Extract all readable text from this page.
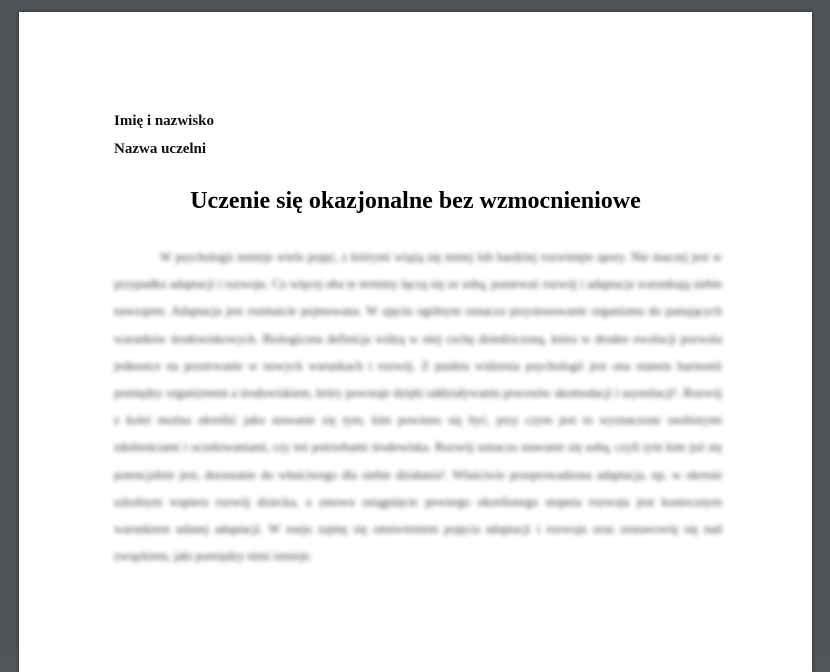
Imię i nazwisko
Nazwa uczelni
Uczenie się okazjonalne bez wzmocnieniowe
W psychologii istnieje wiele pojęć, z którymi wiążą się mniej lub bardziej rozwinięte spory. Nie inaczej jest w przypadku adaptacji i rozwoju. Co więcej oba te terminy łączą się ze sobą, ponieważ rozwój i adaptacja warunkują siebie nawzajem. Adaptacja jest rozmaicie pojmowana. W ujęciu ogólnym oznacza przystosowanie organizmu do panujących warunków środowiskowych. Biologiczna definicja widzą w niej cechę dziedziczoną, która w drodze ewolucji pozwala jednostce na przetrwanie w nowych warunkach i rozwój. Z punktu widzenia psychologii jest ona stanem harmonii pomiędzy organizmem a środowiskiem, który powstaje dzięki oddziaływaniu procesów akomodacji i asymilacji¹. Rozwój z kolei można określić jako stawanie się tym, kim powinno się być, przy czym jest to wyznaczone osobistymi zdolnościami i oczekiwaniami, czy też potrzebami środowiska. Rozwój oznacza stawanie się sobą, czyli tym kim już się potencjalnie jest, dorastanie do właściwego dla siebie działania². Właściwie przeprowadzona adaptacja, np. w okresie szkolnym wspiera rozwój dziecka, a zmowa osiągnięcie pewnego określonego stopnia rozwoju jest koniecznym warunkiem udanej adaptacji. W eseju zajmę się omówieniem pojęcia adaptacji i rozwoju oraz zestawowię się nad związkiem, jaki pomiędzy nimi istnieje.
